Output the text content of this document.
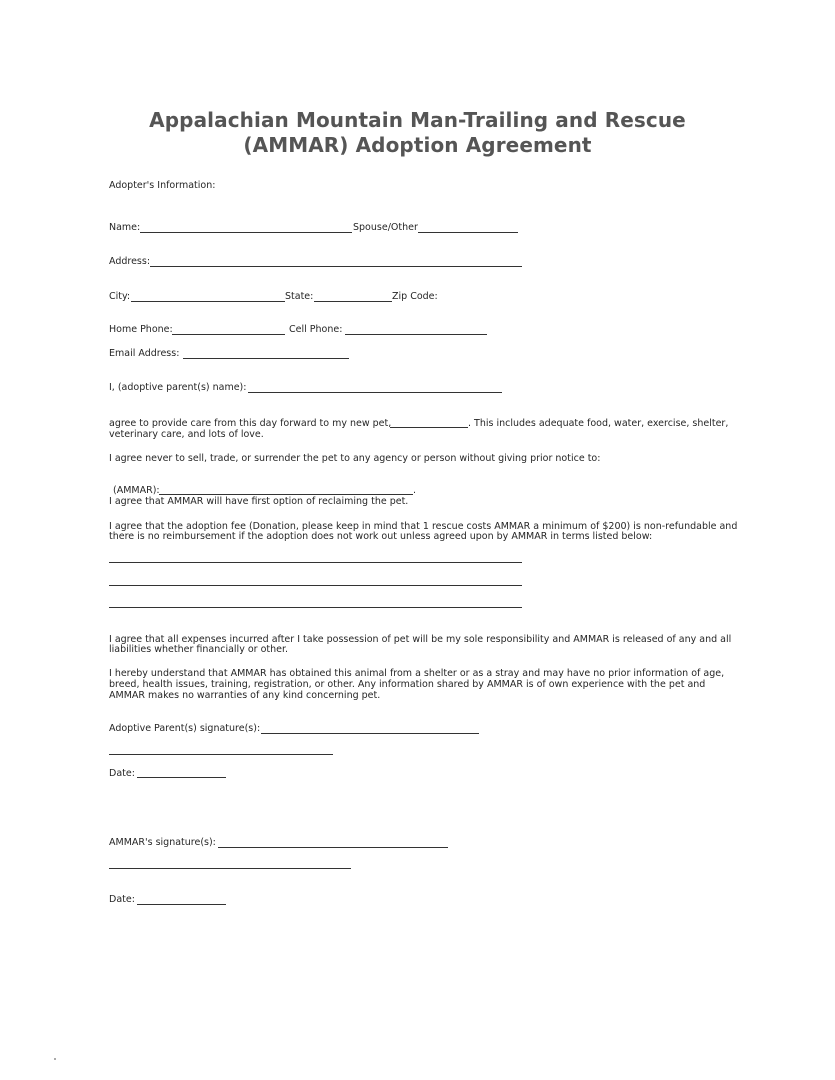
Appalachian Mountain Man-Trailing and Rescue
(AMMAR) Adoption Agreement
Adopter's Information:
Name:	Spouse/Other
Address:
City:	State:	Zip Code:
Home Phone:	Cell Phone:
Email Address:
I, (adoptive parent(s) name):
agree to provide care from this day forward to my new pet,	. This includes adequate food, water, exercise, shelter,
veterinary care, and lots of love.
I agree never to sell, trade, or surrender the pet to any agency or person without giving prior notice to:
(AMMAR):	.
I agree that AMMAR will have first option of reclaiming the pet.
I agree that the adoption fee (Donation, please keep in mind that 1 rescue costs AMMAR a minimum of $200) is non-refundable and
there is no reimbursement if the adoption does not work out unless agreed upon by AMMAR in terms listed below:
I agree that all expenses incurred after I take possession of pet will be my sole responsibility and AMMAR is released of any and all
liabilities whether financially or other.
I hereby understand that AMMAR has obtained this animal from a shelter or as a stray and may have no prior information of age,
breed, health issues, training, registration, or other. Any information shared by AMMAR is of own experience with the pet and
AMMAR makes no warranties of any kind concerning pet.
Adoptive Parent(s) signature(s):
Date:
AMMAR's signature(s):
Date:
